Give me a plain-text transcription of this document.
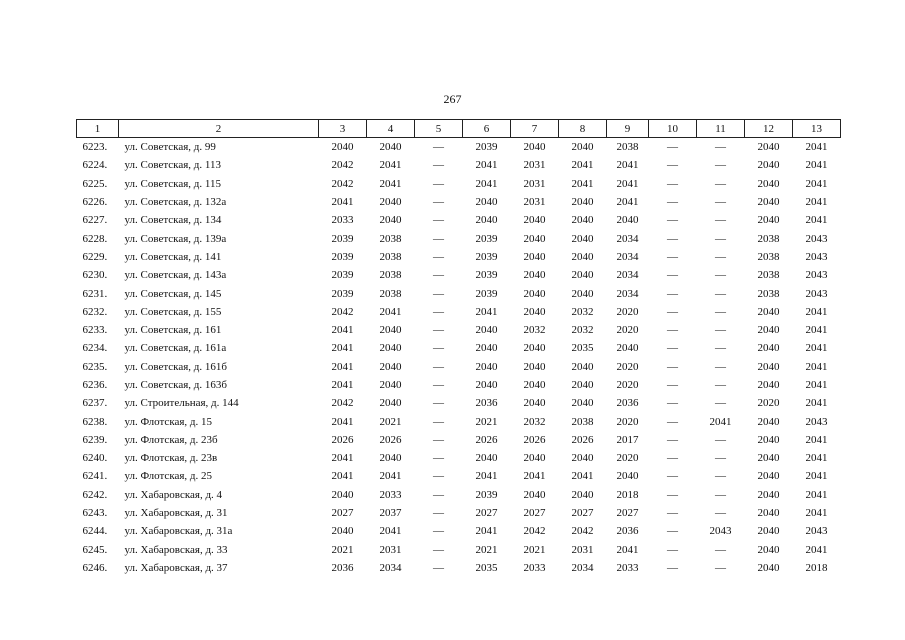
267
1	2	3	4	5	6	7	8	9	10	11	12	13
6223.	ул. Советская, д. 99	2040	2040	—	2039	2040	2040	2038	—	—	2040	2041
6224.	ул. Советская, д. 113	2042	2041	—	2041	2031	2041	2041	—	—	2040	2041
6225.	ул. Советская, д. 115	2042	2041	—	2041	2031	2041	2041	—	—	2040	2041
6226.	ул. Советская, д. 132а	2041	2040	—	2040	2031	2040	2041	—	—	2040	2041
6227.	ул. Советская, д. 134	2033	2040	—	2040	2040	2040	2040	—	—	2040	2041
6228.	ул. Советская, д. 139а	2039	2038	—	2039	2040	2040	2034	—	—	2038	2043
6229.	ул. Советская, д. 141	2039	2038	—	2039	2040	2040	2034	—	—	2038	2043
6230.	ул. Советская, д. 143а	2039	2038	—	2039	2040	2040	2034	—	—	2038	2043
6231.	ул. Советская, д. 145	2039	2038	—	2039	2040	2040	2034	—	—	2038	2043
6232.	ул. Советская, д. 155	2042	2041	—	2041	2040	2032	2020	—	—	2040	2041
6233.	ул. Советская, д. 161	2041	2040	—	2040	2032	2032	2020	—	—	2040	2041
6234.	ул. Советская, д. 161а	2041	2040	—	2040	2040	2035	2040	—	—	2040	2041
6235.	ул. Советская, д. 161б	2041	2040	—	2040	2040	2040	2020	—	—	2040	2041
6236.	ул. Советская, д. 163б	2041	2040	—	2040	2040	2040	2020	—	—	2040	2041
6237.	ул. Строительная, д. 144	2042	2040	—	2036	2040	2040	2036	—	—	2020	2041
6238.	ул. Флотская, д. 15	2041	2021	—	2021	2032	2038	2020	—	2041	2040	2043
6239.	ул. Флотская, д. 23б	2026	2026	—	2026	2026	2026	2017	—	—	2040	2041
6240.	ул. Флотская, д. 23в	2041	2040	—	2040	2040	2040	2020	—	—	2040	2041
6241.	ул. Флотская, д. 25	2041	2041	—	2041	2041	2041	2040	—	—	2040	2041
6242.	ул. Хабаровская, д. 4	2040	2033	—	2039	2040	2040	2018	—	—	2040	2041
6243.	ул. Хабаровская, д. 31	2027	2037	—	2027	2027	2027	2027	—	—	2040	2041
6244.	ул. Хабаровская, д. 31а	2040	2041	—	2041	2042	2042	2036	—	2043	2040	2043
6245.	ул. Хабаровская, д. 33	2021	2031	—	2021	2021	2031	2041	—	—	2040	2041
6246.	ул. Хабаровская, д. 37	2036	2034	—	2035	2033	2034	2033	—	—	2040	2018
